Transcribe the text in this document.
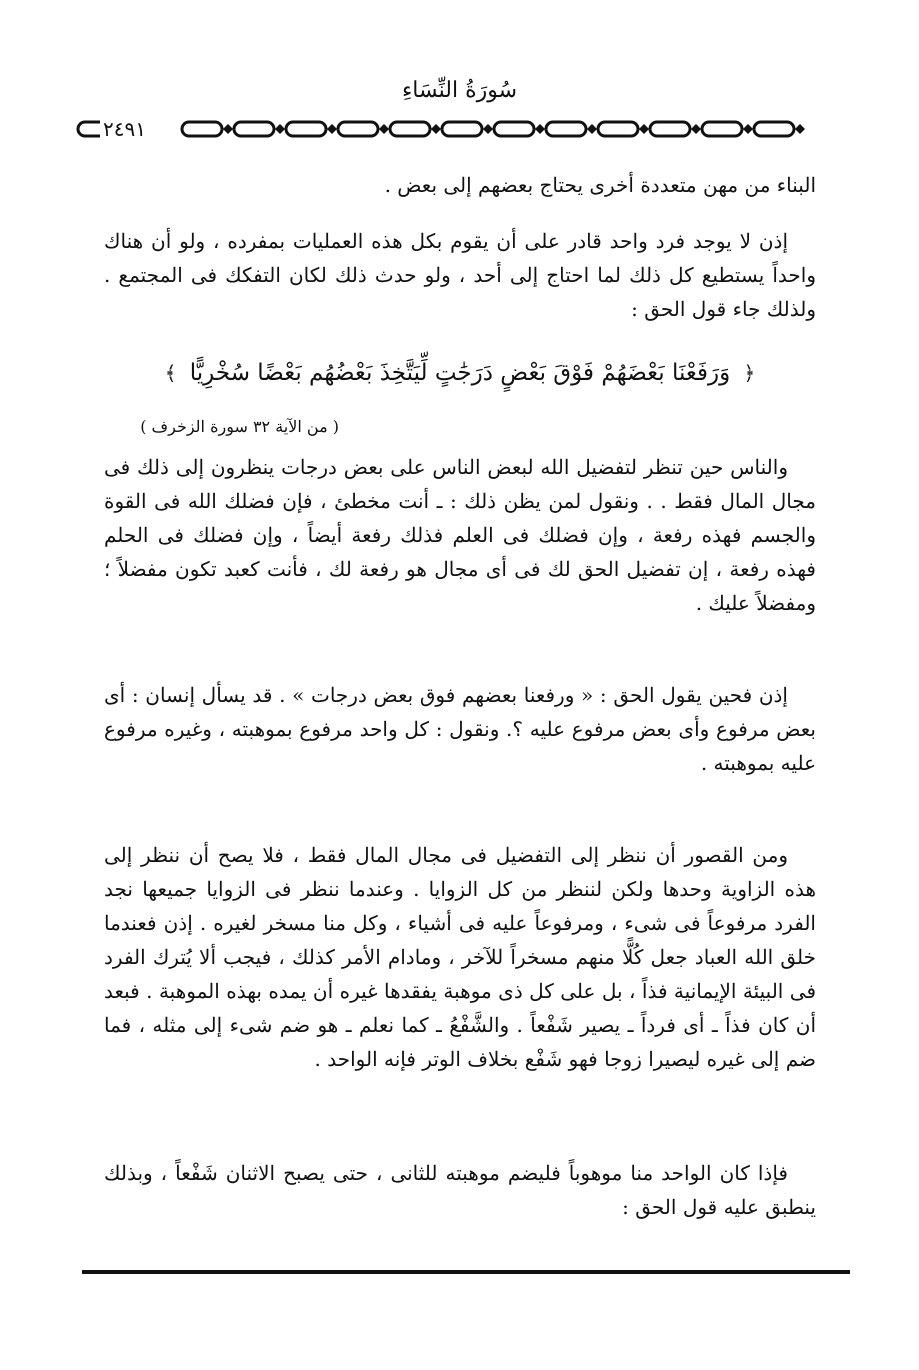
سُورَةُ النِّسَاءِ
٢٤٩١

البناء من مهن متعددة أخرى يحتاج بعضهم إلى بعض .

إذن لا يوجد فرد واحد قادر على أن يقوم بكل هذه العمليات بمفرده ، ولو أن هناك واحداً يستطيع كل ذلك لما احتاج إلى أحد ، ولو حدث ذلك لكان التفكك فى المجتمع . ولذلك جاء قول الحق :

﴿ وَرَفَعْنَا بَعْضَهُمْ فَوْقَ بَعْضٍ دَرَجَٰتٍ لِّيَتَّخِذَ بَعْضُهُم بَعْضًا سُخْرِيًّا ﴾
( من الآية ٣٢ سورة الزخرف )

والناس حين تنظر لتفضيل الله لبعض الناس على بعض درجات ينظرون إلى ذلك فى مجال المال فقط . . ونقول لمن يظن ذلك : ـ أنت مخطئ ، فإن فضلك الله فى القوة والجسم فهذه رفعة ، وإن فضلك فى العلم فذلك رفعة أيضاً ، وإن فضلك فى الحلم فهذه رفعة ، إن تفضيل الحق لك فى أى مجال هو رفعة لك ، فأنت كعبد تكون مفضلاً ؛ ومفضلاً عليك .

إذن فحين يقول الحق : « ورفعنا بعضهم فوق بعض درجات » . قد يسأل إنسان : أى بعض مرفوع وأى بعض مرفوع عليه ؟. ونقول : كل واحد مرفوع بموهبته ، وغيره مرفوع عليه بموهبته .

ومن القصور أن ننظر إلى التفضيل فى مجال المال فقط ، فلا يصح أن ننظر إلى هذه الزاوية وحدها ولكن لننظر من كل الزوايا . وعندما ننظر فى الزوايا جميعها نجد الفرد مرفوعاً فى شىء ، ومرفوعاً عليه فى أشياء ، وكل منا مسخر لغيره . إذن فعندما خلق الله العباد جعل كُلًّا منهم مسخراً للآخر ، ومادام الأمر كذلك ، فيجب ألا يُترك الفرد فى البيئة الإيمانية فذاً ، بل على كل ذى موهبة يفقدها غيره أن يمده بهذه الموهبة . فبعد أن كان فذاً ـ أى فرداً ـ يصير شَفْعاً . والشَّفْعُ ـ كما نعلم ـ هو ضم شىء إلى مثله ، فما ضم إلى غيره ليصيرا زوجا فهو شَفْع بخلاف الوتر فإنه الواحد .

فإذا كان الواحد منا موهوباً فليضم موهبته للثانى ، حتى يصبح الاثنان شَفْعاً ، وبذلك ينطبق عليه قول الحق :
